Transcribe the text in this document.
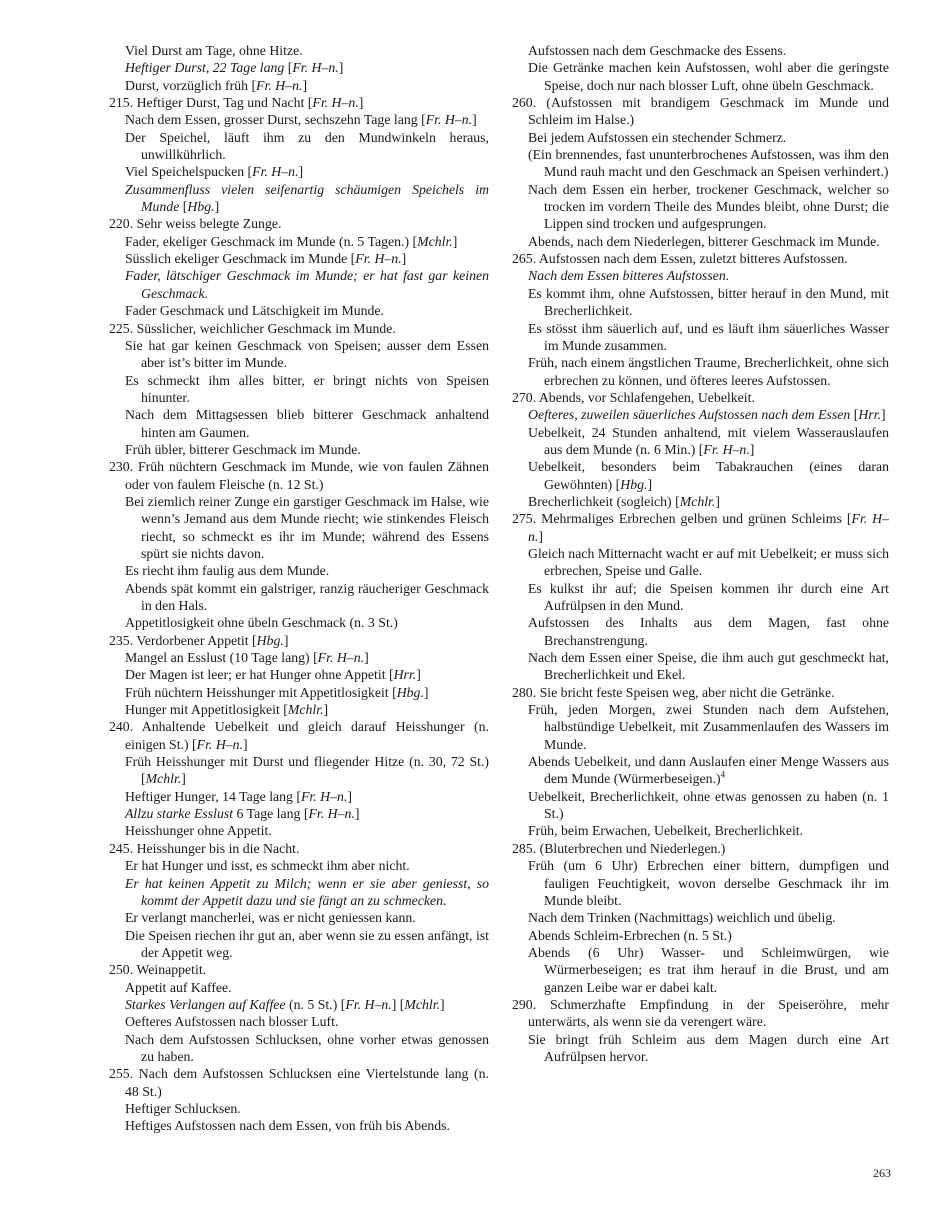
Viel Durst am Tage, ohne Hitze.
Heftiger Durst, 22 Tage lang [Fr. H–n.]
Durst, vorzüglich früh [Fr. H–n.]
215. Heftiger Durst, Tag und Nacht [Fr. H–n.]
Nach dem Essen, grosser Durst, sechszehn Tage lang [Fr. H–n.]
Der Speichel, läuft ihm zu den Mundwinkeln heraus, unwillkührlich.
Viel Speichelspucken [Fr. H–n.]
Zusammenfluss vielen seifenartig schäumigen Speichels im Munde [Hbg.]
220. Sehr weiss belegte Zunge.
Fader, ekeliger Geschmack im Munde (n. 5 Tagen.) [Mchlr.]
Süsslich ekeliger Geschmack im Munde [Fr. H–n.]
Fader, lätschiger Geschmack im Munde; er hat fast gar keinen Geschmack.
Fader Geschmack und Lätschigkeit im Munde.
225. Süsslicher, weichlicher Geschmack im Munde.
Sie hat gar keinen Geschmack von Speisen; ausser dem Essen aber ist’s bitter im Munde.
Es schmeckt ihm alles bitter, er bringt nichts von Speisen hinunter.
Nach dem Mittagsessen blieb bitterer Geschmack anhaltend hinten am Gaumen.
Früh übler, bitterer Geschmack im Munde.
230. Früh nüchtern Geschmack im Munde, wie von faulen Zähnen oder von faulem Fleische (n. 12 St.)
Bei ziemlich reiner Zunge ein garstiger Geschmack im Halse, wie wenn’s Jemand aus dem Munde riecht; wie stinkendes Fleisch riecht, so schmeckt es ihr im Munde; während des Essens spürt sie nichts davon.
Es riecht ihm faulig aus dem Munde.
Abends spät kommt ein galstriger, ranzig räucheriger Geschmack in den Hals.
Appetitlosigkeit ohne übeln Geschmack (n. 3 St.)
235. Verdorbener Appetit [Hbg.]
Mangel an Esslust (10 Tage lang) [Fr. H–n.]
Der Magen ist leer; er hat Hunger ohne Appetit [Hrr.]
Früh nüchtern Heisshunger mit Appetitlosigkeit [Hbg.]
Hunger mit Appetitlosigkeit [Mchlr.]
240. Anhaltende Uebelkeit und gleich darauf Heisshunger (n. einigen St.) [Fr. H–n.]
Früh Heisshunger mit Durst und fliegender Hitze (n. 30, 72 St.) [Mchlr.]
Heftiger Hunger, 14 Tage lang [Fr. H–n.]
Allzu starke Esslust 6 Tage lang [Fr. H–n.]
Heisshunger ohne Appetit.
245. Heisshunger bis in die Nacht.
Er hat Hunger und isst, es schmeckt ihm aber nicht.
Er hat keinen Appetit zu Milch; wenn er sie aber geniesst, so kommt der Appetit dazu und sie fängt an zu schmecken.
Er verlangt mancherlei, was er nicht geniessen kann.
Die Speisen riechen ihr gut an, aber wenn sie zu essen anfängt, ist der Appetit weg.
250. Weinappetit.
Appetit auf Kaffee.
Starkes Verlangen auf Kaffee (n. 5 St.) [Fr. H–n.] [Mchlr.]
Oefteres Aufstossen nach blosser Luft.
Nach dem Aufstossen Schlucksen, ohne vorher etwas genossen zu haben.
255. Nach dem Aufstossen Schlucksen eine Viertelstunde lang (n. 48 St.)
Heftiger Schlucksen.
Heftiges Aufstossen nach dem Essen, von früh bis Abends.
Aufstossen nach dem Geschmacke des Essens.
Die Getränke machen kein Aufstossen, wohl aber die geringste Speise, doch nur nach blosser Luft, ohne übeln Geschmack.
260. (Aufstossen mit brandigem Geschmack im Munde und Schleim im Halse.)
Bei jedem Aufstossen ein stechender Schmerz.
(Ein brennendes, fast ununterbrochenes Aufstossen, was ihm den Mund rauh macht und den Geschmack an Speisen verhindert.)
Nach dem Essen ein herber, trockener Geschmack, welcher so trocken im vordern Theile des Mundes bleibt, ohne Durst; die Lippen sind trocken und aufgesprungen.
Abends, nach dem Niederlegen, bitterer Geschmack im Munde.
265. Aufstossen nach dem Essen, zuletzt bitteres Aufstossen.
Nach dem Essen bitteres Aufstossen.
Es kommt ihm, ohne Aufstossen, bitter herauf in den Mund, mit Brecherlichkeit.
Es stösst ihm säuerlich auf, und es läuft ihm säuerliches Wasser im Munde zusammen.
Früh, nach einem ängstlichen Traume, Brecherlichkeit, ohne sich erbrechen zu können, und öfteres leeres Aufstossen.
270. Abends, vor Schlafengehen, Uebelkeit.
Oefteres, zuweilen säuerliches Aufstossen nach dem Essen [Hrr.]
Uebelkeit, 24 Stunden anhaltend, mit vielem Wasserauslaufen aus dem Munde (n. 6 Min.) [Fr. H–n.]
Uebelkeit, besonders beim Tabakrauchen (eines daran Gewöhnten) [Hbg.]
Brecherlichkeit (sogleich) [Mchlr.]
275. Mehrmaliges Erbrechen gelben und grünen Schleims [Fr. H–n.]
Gleich nach Mitternacht wacht er auf mit Uebelkeit; er muss sich erbrechen, Speise und Galle.
Es kulkst ihr auf; die Speisen kommen ihr durch eine Art Aufrülpsen in den Mund.
Aufstossen des Inhalts aus dem Magen, fast ohne Brechanstrengung.
Nach dem Essen einer Speise, die ihm auch gut geschmeckt hat, Brecherlichkeit und Ekel.
280. Sie bricht feste Speisen weg, aber nicht die Getränke.
Früh, jeden Morgen, zwei Stunden nach dem Aufstehen, halbstündige Uebelkeit, mit Zusammenlaufen des Wassers im Munde.
Abends Uebelkeit, und dann Auslaufen einer Menge Wassers aus dem Munde (Würmerbeseigen.)$^4$
Uebelkeit, Brecherlichkeit, ohne etwas genossen zu haben (n. 1 St.)
Früh, beim Erwachen, Uebelkeit, Brecherlichkeit.
285. (Bluterbrechen und Niederlegen.)
Früh (um 6 Uhr) Erbrechen einer bittern, dumpfigen und fauligen Feuchtigkeit, wovon derselbe Geschmack ihr im Munde bleibt.
Nach dem Trinken (Nachmittags) weichlich und übelig.
Abends Schleim-Erbrechen (n. 5 St.)
Abends (6 Uhr) Wasser- und Schleimwürgen, wie Würmerbeseigen; es trat ihm herauf in die Brust, und am ganzen Leibe war er dabei kalt.
290. Schmerzhafte Empfindung in der Speiseröhre, mehr unterwärts, als wenn sie da verengert wäre.
Sie bringt früh Schleim aus dem Magen durch eine Art Aufrülpsen hervor.
263
